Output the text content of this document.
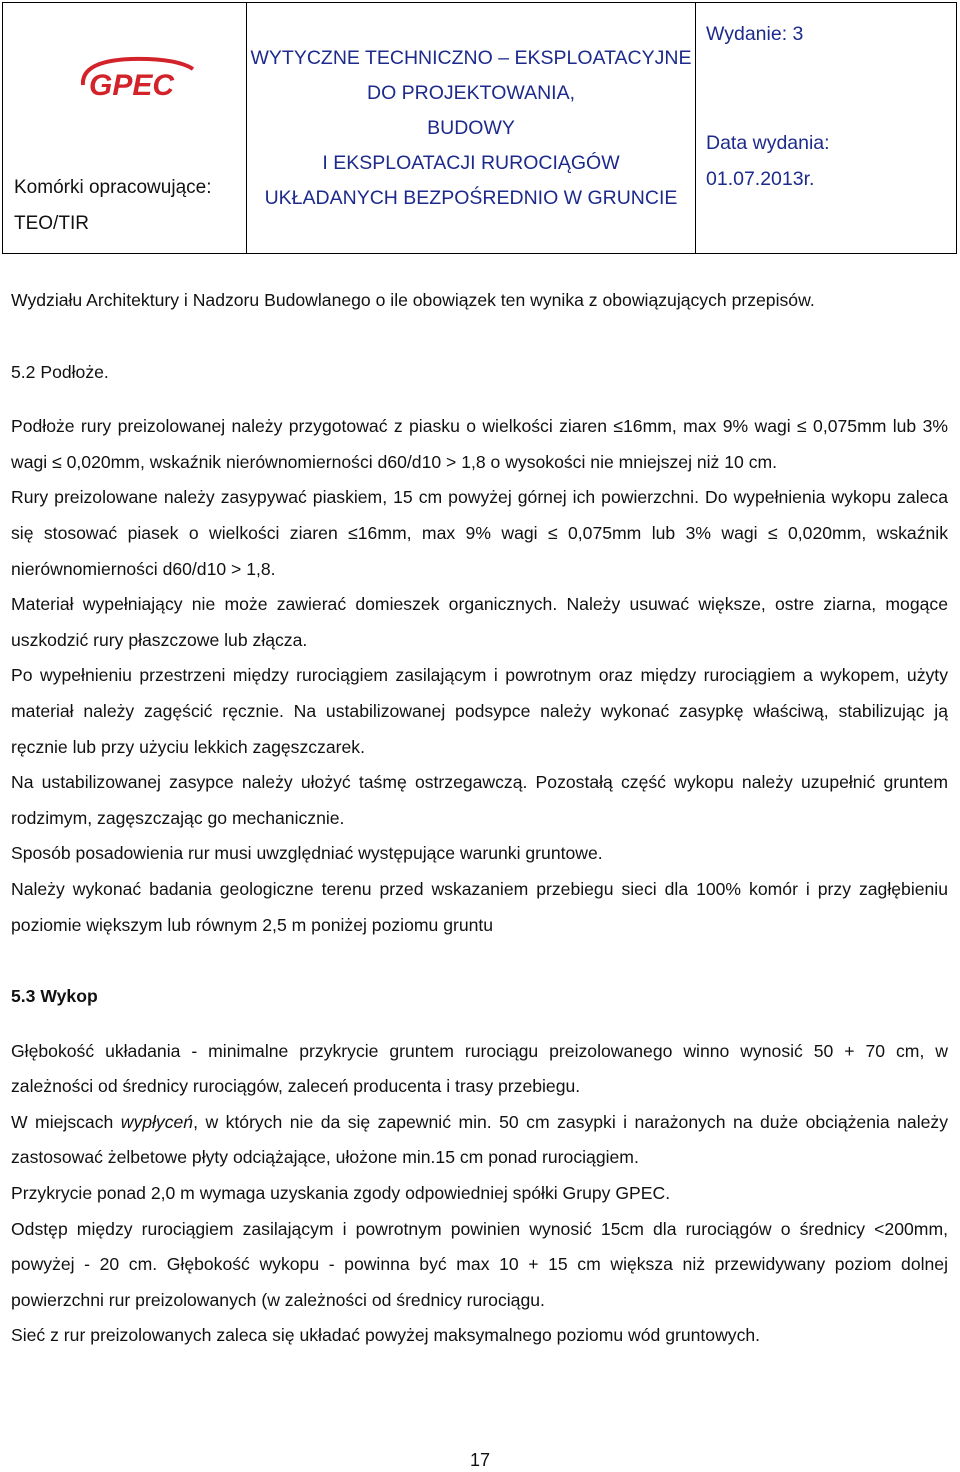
GPEC
Komórki opracowujące:
TEO/TIR

WYTYCZNE TECHNICZNO – EKSPLOATACYJNE
DO PROJEKTOWANIA,
BUDOWY
I EKSPLOATACJI RUROCIĄGÓW
UKŁADANYCH BEZPOŚREDNIO W GRUNCIE

Wydanie: 3
Data wydania:
01.07.2013r.

Wydziału Architektury i Nadzoru Budowlanego o ile obowiązek ten wynika z obowiązujących przepisów.

5.2 Podłoże.

Podłoże rury preizolowanej należy przygotować z piasku o wielkości ziaren ≤16mm, max 9% wagi ≤ 0,075mm lub 3% wagi ≤ 0,020mm, wskaźnik nierównomierności d60/d10 > 1,8 o wysokości nie mniejszej niż 10 cm.

Rury preizolowane należy zasypywać piaskiem, 15 cm powyżej górnej ich powierzchni. Do wypełnienia wykopu zaleca się stosować piasek o wielkości ziaren ≤16mm, max 9% wagi ≤ 0,075mm lub 3% wagi ≤ 0,020mm, wskaźnik nierównomierności d60/d10 > 1,8.

Materiał wypełniający nie może zawierać domieszek organicznych. Należy usuwać większe, ostre ziarna, mogące uszkodzić rury płaszczowe lub złącza.

Po wypełnieniu przestrzeni między rurociągiem zasilającym i powrotnym oraz między rurociągiem a wykopem, użyty materiał należy zagęścić ręcznie. Na ustabilizowanej podsypce należy wykonać zasypkę właściwą, stabilizując ją ręcznie lub przy użyciu lekkich zagęszczarek.

Na ustabilizowanej zasypce należy ułożyć taśmę ostrzegawczą. Pozostałą część wykopu należy uzupełnić gruntem rodzimym, zagęszczając go mechanicznie.

Sposób posadowienia rur musi uwzględniać występujące warunki gruntowe.

Należy wykonać badania geologiczne terenu przed wskazaniem przebiegu sieci dla 100% komór i przy zagłębieniu poziomie większym lub równym 2,5 m poniżej poziomu gruntu

5.3 Wykop

Głębokość układania - minimalne przykrycie gruntem rurociągu preizolowanego winno wynosić 50 + 70 cm, w zależności od średnicy rurociągów, zaleceń producenta i trasy przebiegu.

W miejscach wypłyceń, w których nie da się zapewnić min. 50 cm zasypki i narażonych na duże obciążenia należy zastosować żelbetowe płyty odciążające, ułożone min.15 cm ponad rurociągiem.

Przykrycie ponad 2,0 m wymaga uzyskania zgody odpowiedniej spółki Grupy GPEC.

Odstęp między rurociągiem zasilającym i powrotnym powinien wynosić 15cm dla rurociągów o średnicy <200mm, powyżej - 20 cm. Głębokość wykopu - powinna być max 10 + 15 cm większa niż przewidywany poziom dolnej powierzchni rur preizolowanych (w zależności od średnicy rurociągu.

Sieć z rur preizolowanych zaleca się układać powyżej maksymalnego poziomu wód gruntowych.

17
